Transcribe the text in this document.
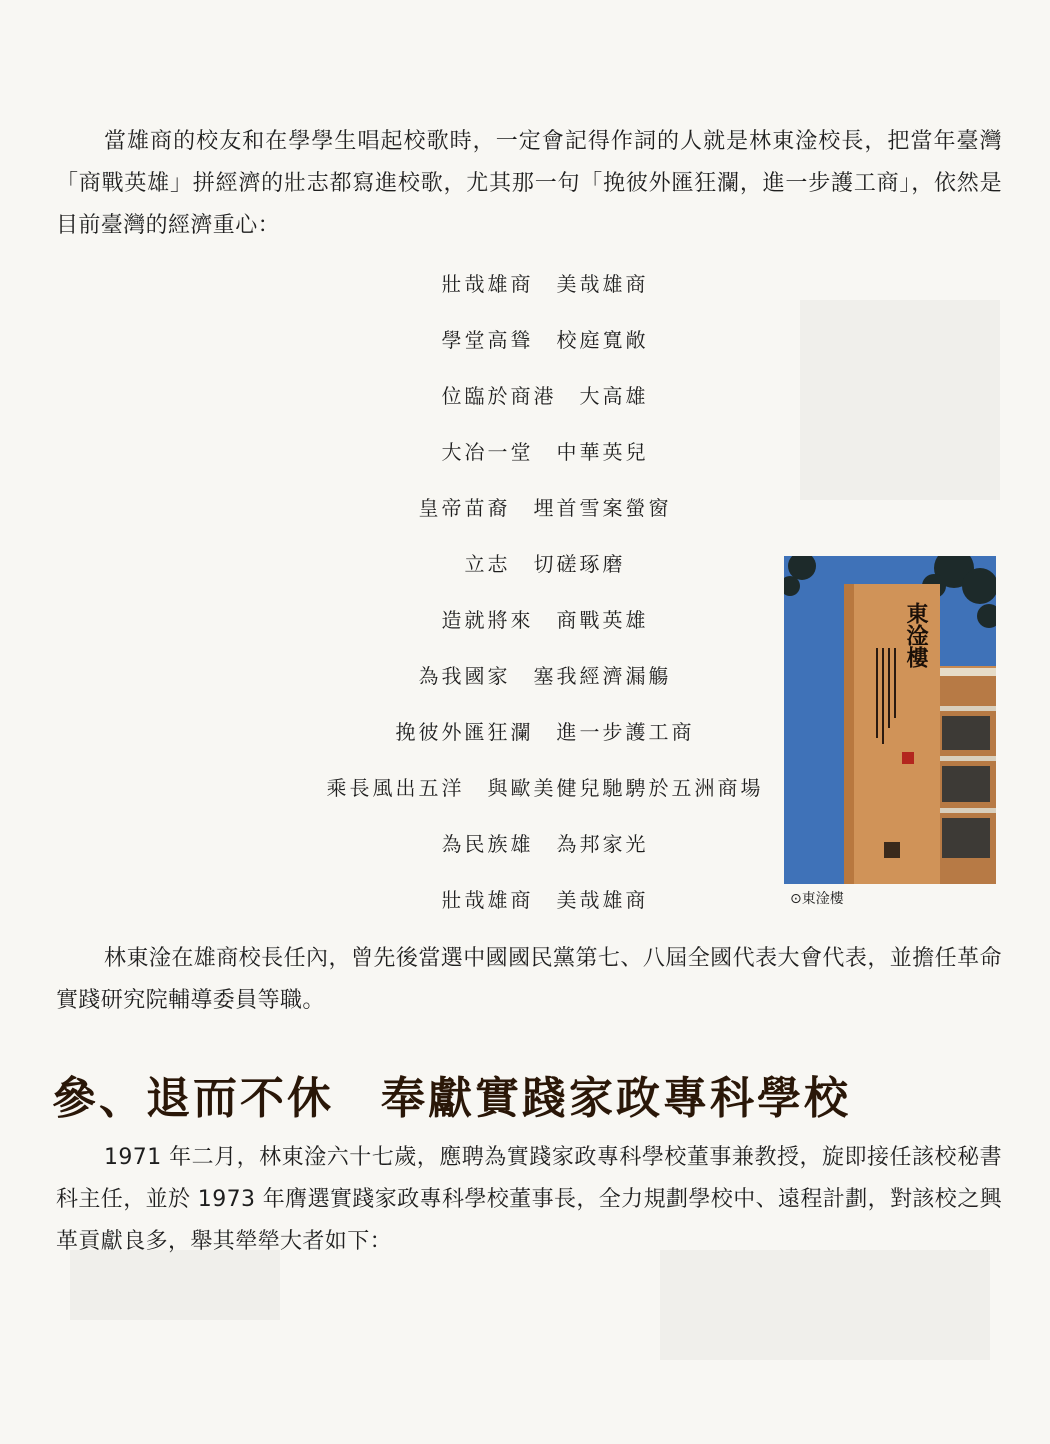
當雄商的校友和在學學生唱起校歌時，一定會記得作詞的人就是林東淦校長，把當年臺灣「商戰英雄」拼經濟的壯志都寫進校歌，尤其那一句「挽彼外匯狂瀾，進一步護工商」，依然是目前臺灣的經濟重心：

壯哉雄商　美哉雄商
學堂高聳　校庭寬敞
位臨於商港　大高雄
大冶一堂　中華英兒
皇帝苗裔　埋首雪案螢窗
立志　切磋琢磨
造就將來　商戰英雄
為我國家　塞我經濟漏觴
挽彼外匯狂瀾　進一步護工商
乘長風出五洋　與歐美健兒馳騁於五洲商場
為民族雄　為邦家光
壯哉雄商　美哉雄商
東淦樓
⊙東淦樓

林東淦在雄商校長任內，曾先後當選中國國民黨第七、八屆全國代表大會代表，並擔任革命實踐研究院輔導委員等職。

參、退而不休　奉獻實踐家政專科學校

1971 年二月，林東淦六十七歲，應聘為實踐家政專科學校董事兼教授，旋即接任該校秘書科主任，並於 1973 年膺選實踐家政專科學校董事長，全力規劃學校中、遠程計劃，對該校之興革貢獻良多，舉其犖犖大者如下：
